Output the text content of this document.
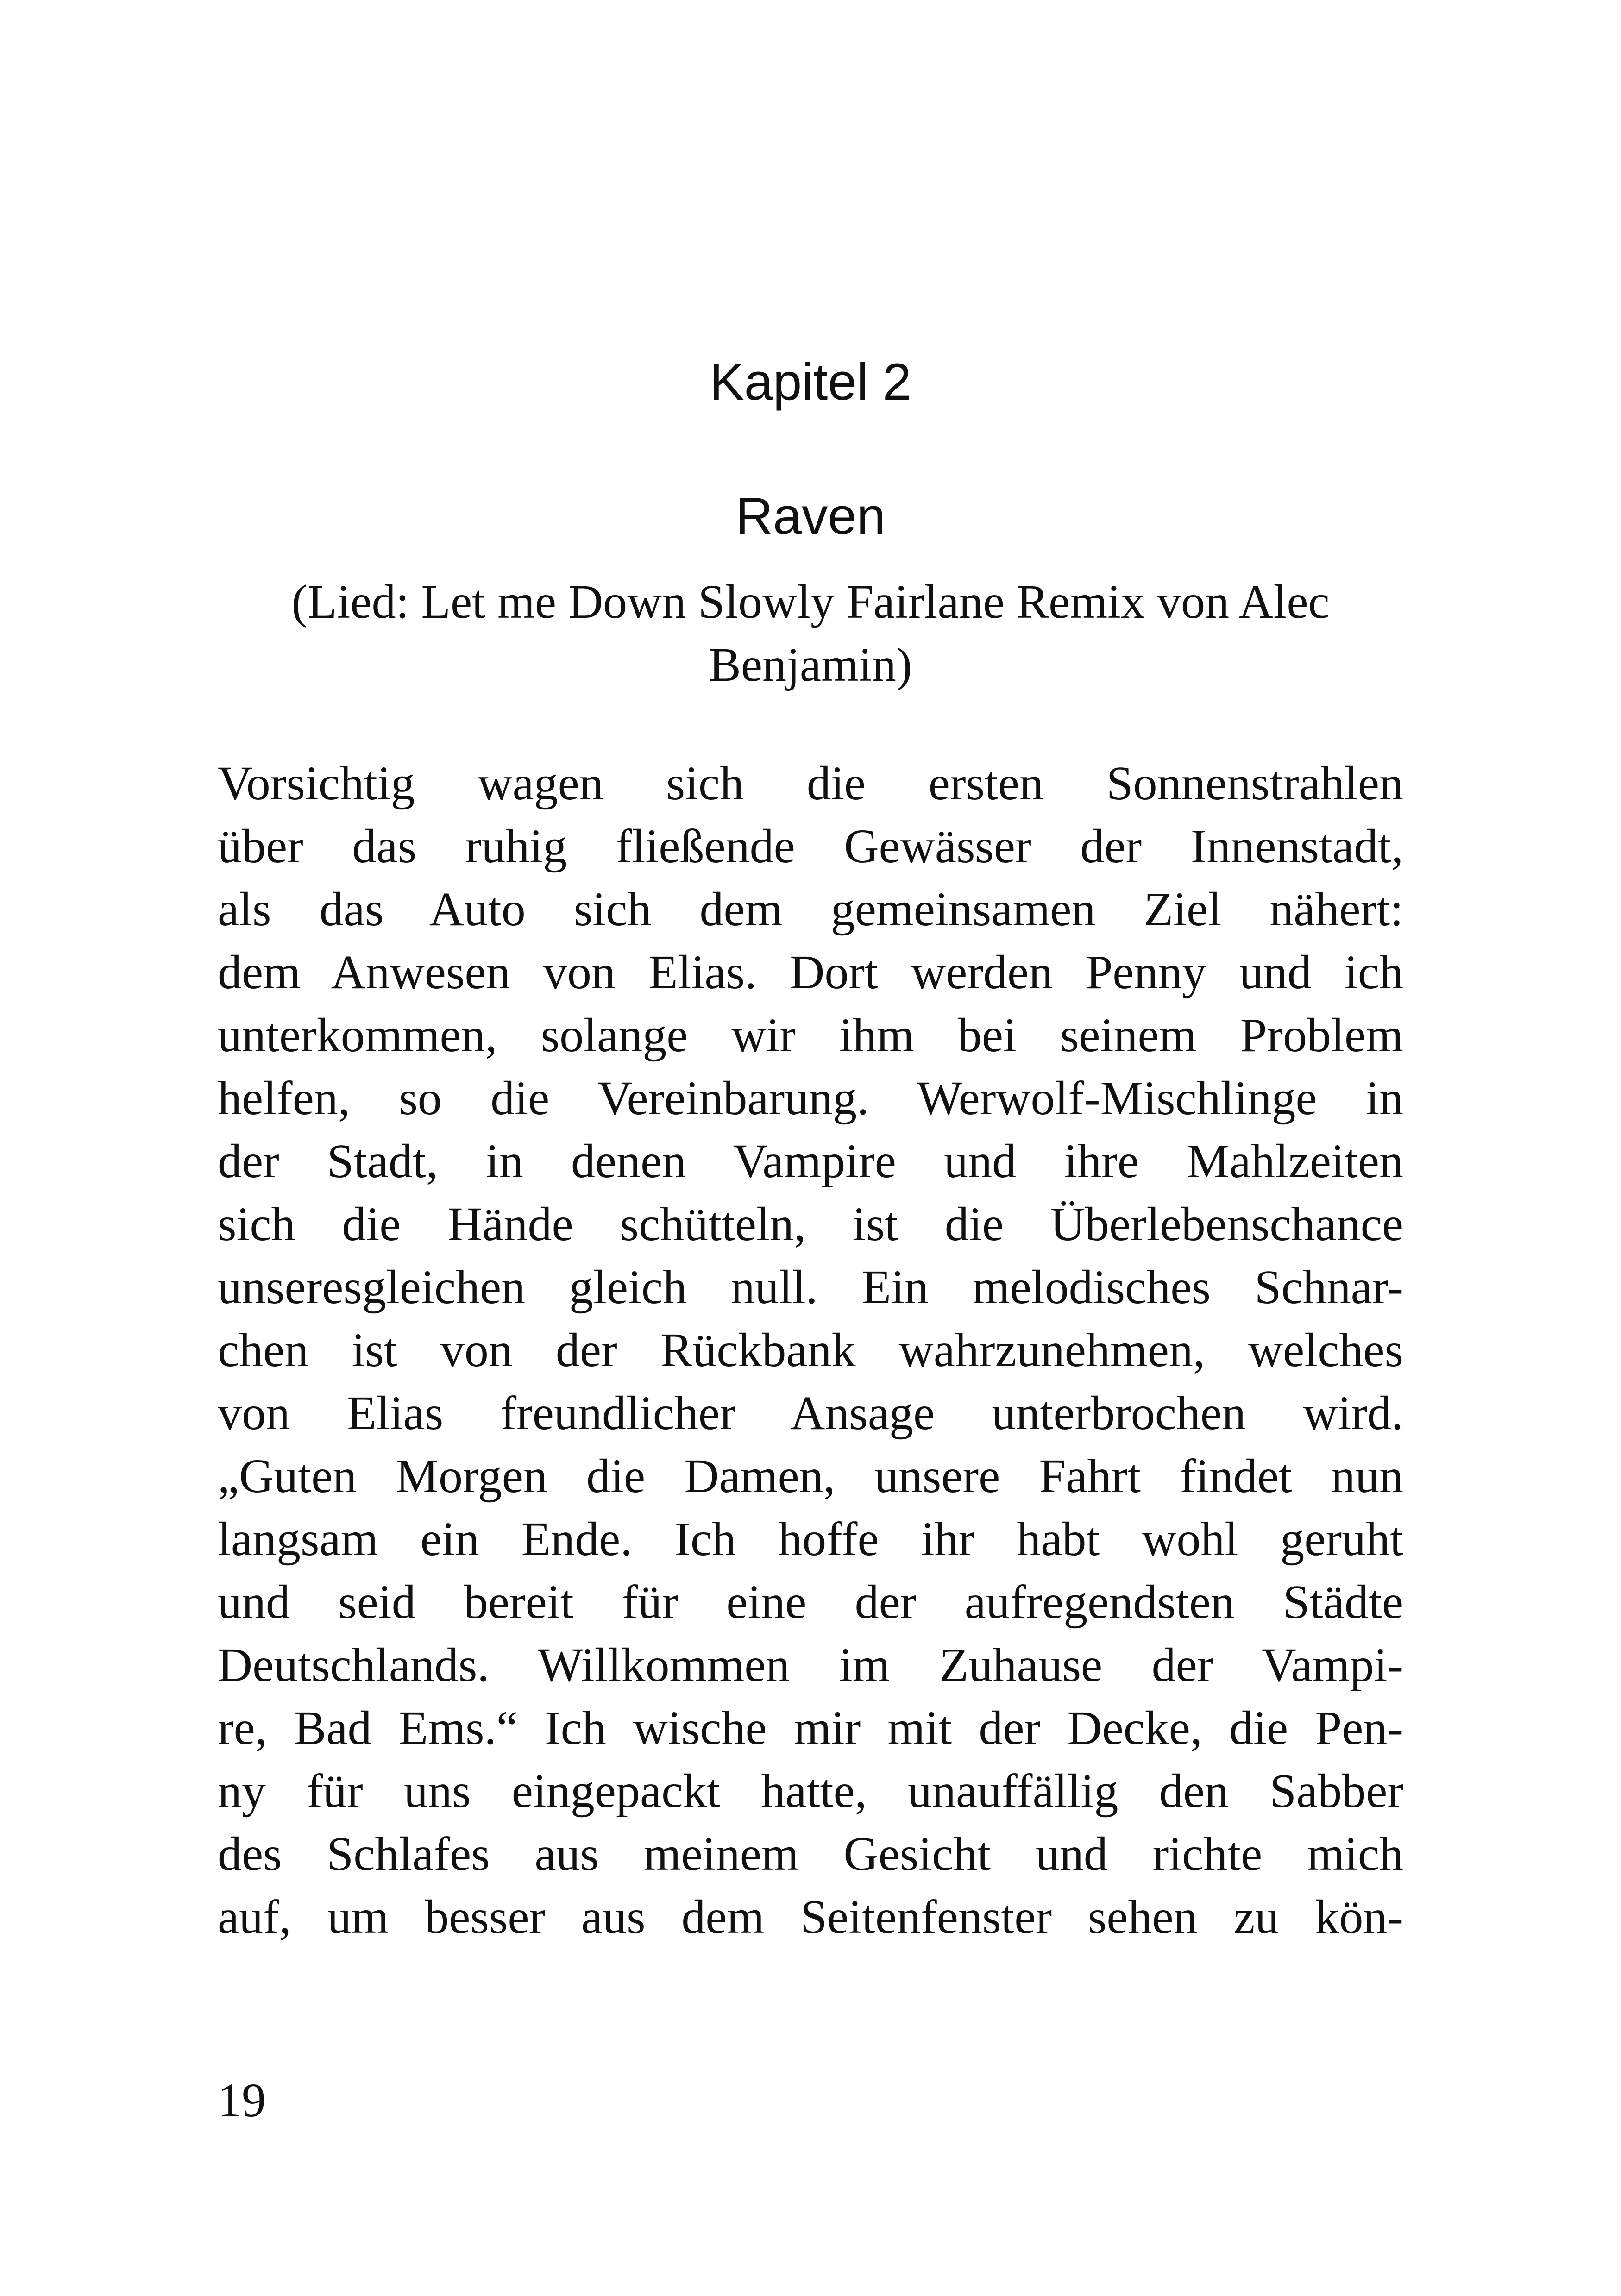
Kapitel 2
Raven
(Lied: Let me Down Slowly Fairlane Remix von Alec
Benjamin)
Vorsichtig wagen sich die ersten Sonnenstrahlen
über das ruhig fließende Gewässer der Innenstadt,
als das Auto sich dem gemeinsamen Ziel nähert:
dem Anwesen von Elias. Dort werden Penny und ich
unterkommen, solange wir ihm bei seinem Problem
helfen, so die Vereinbarung. Werwolf-Mischlinge in
der Stadt, in denen Vampire und ihre Mahlzeiten
sich die Hände schütteln, ist die Überlebenschance
unseresgleichen gleich null. Ein melodisches Schnar-
chen ist von der Rückbank wahrzunehmen, welches
von Elias freundlicher Ansage unterbrochen wird.
„Guten Morgen die Damen, unsere Fahrt findet nun
langsam ein Ende. Ich hoffe ihr habt wohl geruht
und seid bereit für eine der aufregendsten Städte
Deutschlands. Willkommen im Zuhause der Vampi-
re, Bad Ems.“ Ich wische mir mit der Decke, die Pen-
ny für uns eingepackt hatte, unauffällig den Sabber
des Schlafes aus meinem Gesicht und richte mich
auf, um besser aus dem Seitenfenster sehen zu kön-
19
